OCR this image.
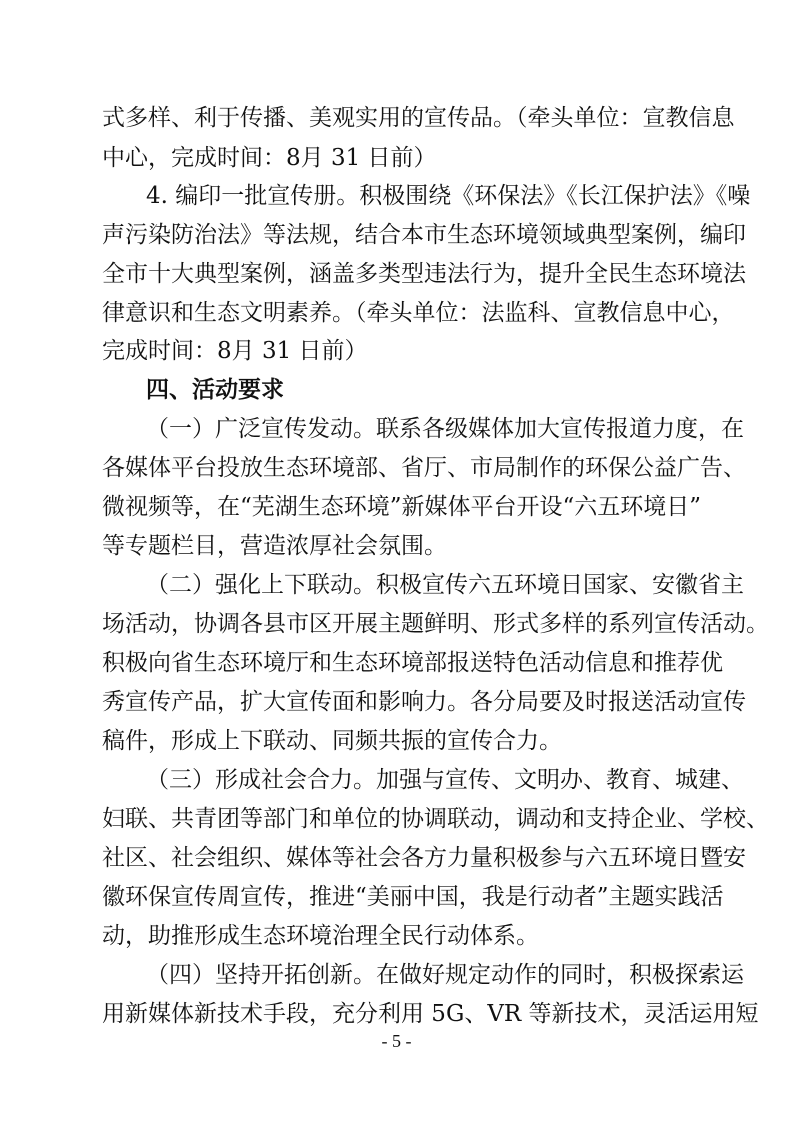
式多样、利于传播、美观实用的宣传品。（牵头单位：宣教信息
中心，完成时间：8月 31 日前）
4. 编印一批宣传册。积极围绕《环保法》《长江保护法》《噪
声污染防治法》等法规，结合本市生态环境领域典型案例，编印
全市十大典型案例，涵盖多类型违法行为，提升全民生态环境法
律意识和生态文明素养。（牵头单位：法监科、宣教信息中心，
完成时间：8月 31 日前）
四、活动要求
（一）广泛宣传发动。联系各级媒体加大宣传报道力度，在
各媒体平台投放生态环境部、省厅、市局制作的环保公益广告、
微视频等，在“芜湖生态环境”新媒体平台开设“六五环境日”
等专题栏目，营造浓厚社会氛围。
（二）强化上下联动。积极宣传六五环境日国家、安徽省主
场活动，协调各县市区开展主题鲜明、形式多样的系列宣传活动。
积极向省生态环境厅和生态环境部报送特色活动信息和推荐优
秀宣传产品，扩大宣传面和影响力。各分局要及时报送活动宣传
稿件，形成上下联动、同频共振的宣传合力。
（三）形成社会合力。加强与宣传、文明办、教育、城建、
妇联、共青团等部门和单位的协调联动，调动和支持企业、学校、
社区、社会组织、媒体等社会各方力量积极参与六五环境日暨安
徽环保宣传周宣传，推进“美丽中国，我是行动者”主题实践活
动，助推形成生态环境治理全民行动体系。
（四）坚持开拓创新。在做好规定动作的同时，积极探索运
用新媒体新技术手段，充分利用 5G、VR 等新技术，灵活运用短
- 5 -
